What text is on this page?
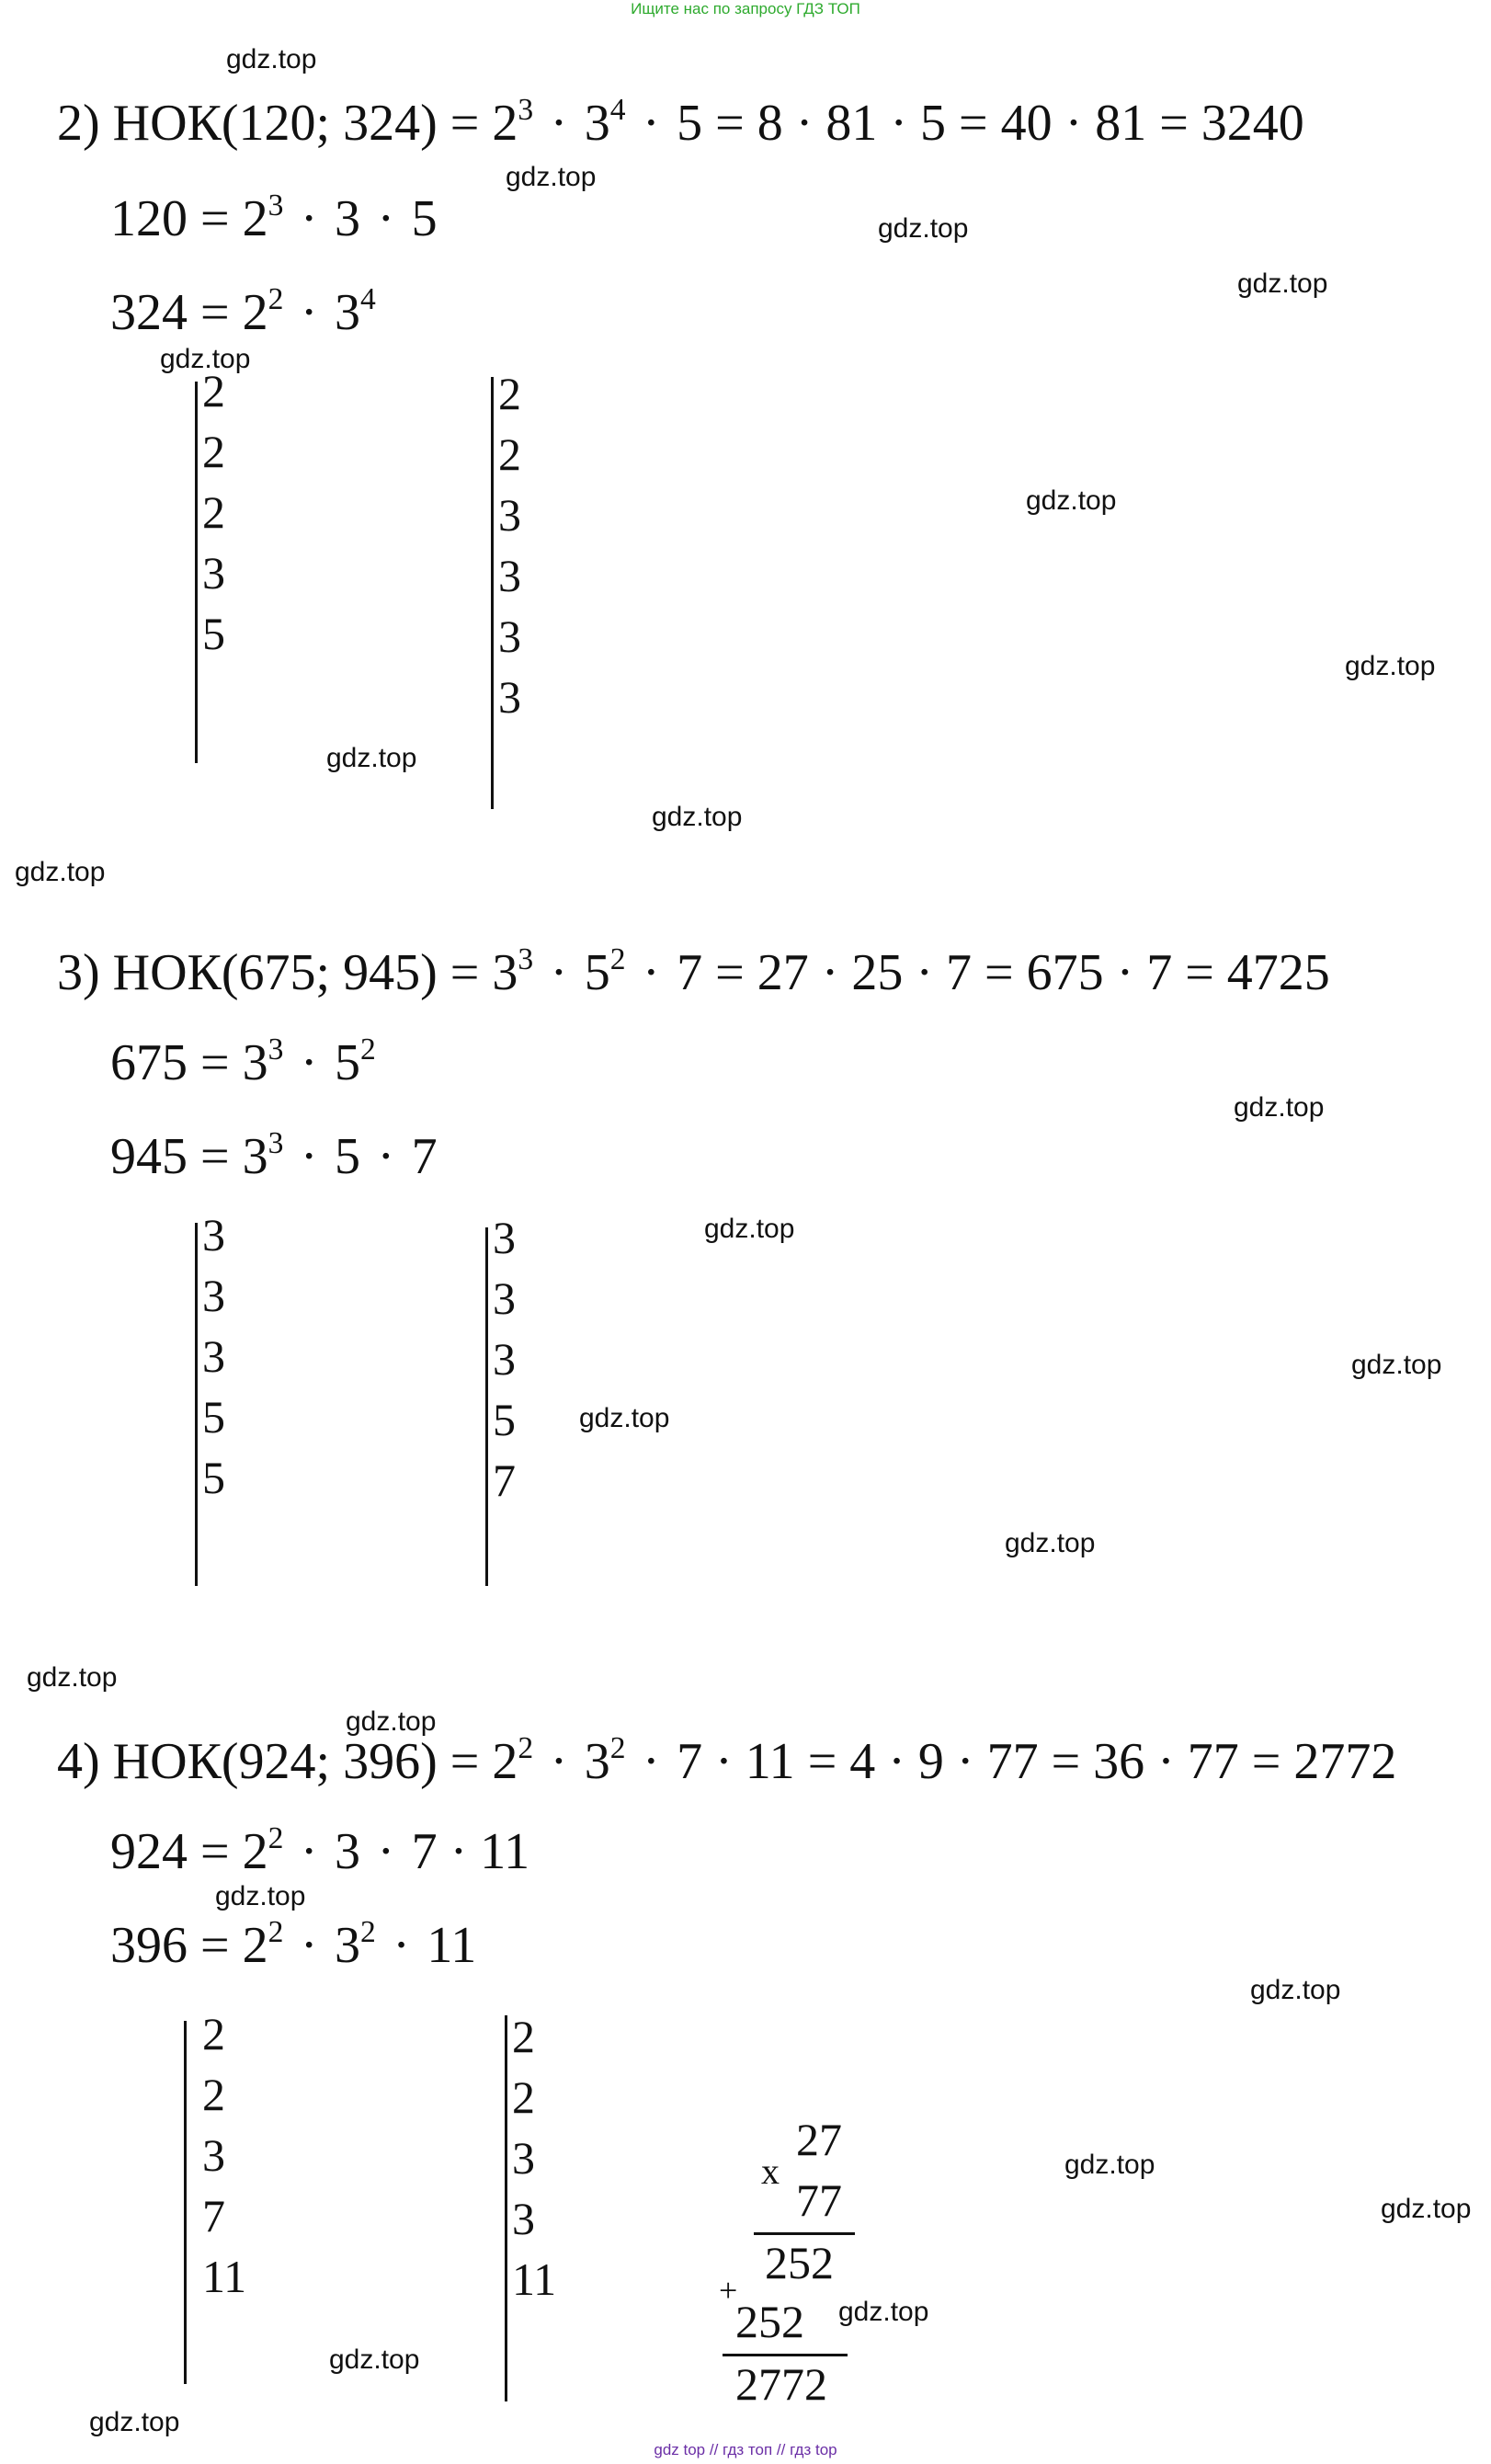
Ищите нас по запросу ГДЗ ТОП
2) НОК(120; $324) = 2^3 \cdot 3^4 \cdot 5 = 8 \cdot 81 \cdot 5 = 40 \cdot 81 = 3240$
$120 = 2^3 \cdot 3 \cdot 5$
$324 = 2^2 \cdot 3^4$
2
2
2
3
5
2
2
3
3
3
3
3) НОК(675; $945) = 3^3 \cdot 5^2 \cdot 7 = 27 \cdot 25 \cdot 7 = 675 \cdot 7 = 4725$
$675 = 3^3 \cdot 5^2$
$945 = 3^3 \cdot 5 \cdot 7$
3
3
3
5
5
3
3
3
5
7
4) НОК(924; $396) = 2^2 \cdot 3^2 \cdot 7 \cdot 11 = 4 \cdot 9 \cdot 77 = 36 \cdot 77 = 2772$
$924 = 2^2 \cdot 3 \cdot 7 \cdot 11$
$396 = 2^2 \cdot 3^2 \cdot 11$
2
2
3
7
11
2
2
3
3
11
x
27
77
252
+
252
2772
gdz.top
gdz.top
gdz.top
gdz.top
gdz.top
gdz.top
gdz.top
gdz.top
gdz.top
gdz.top
gdz.top
gdz.top
gdz.top
gdz.top
gdz.top
gdz.top
gdz.top
gdz.top
gdz.top
gdz.top
gdz.top
gdz.top
gdz.top
gdz.top
gdz top // гдз топ // гдз top
